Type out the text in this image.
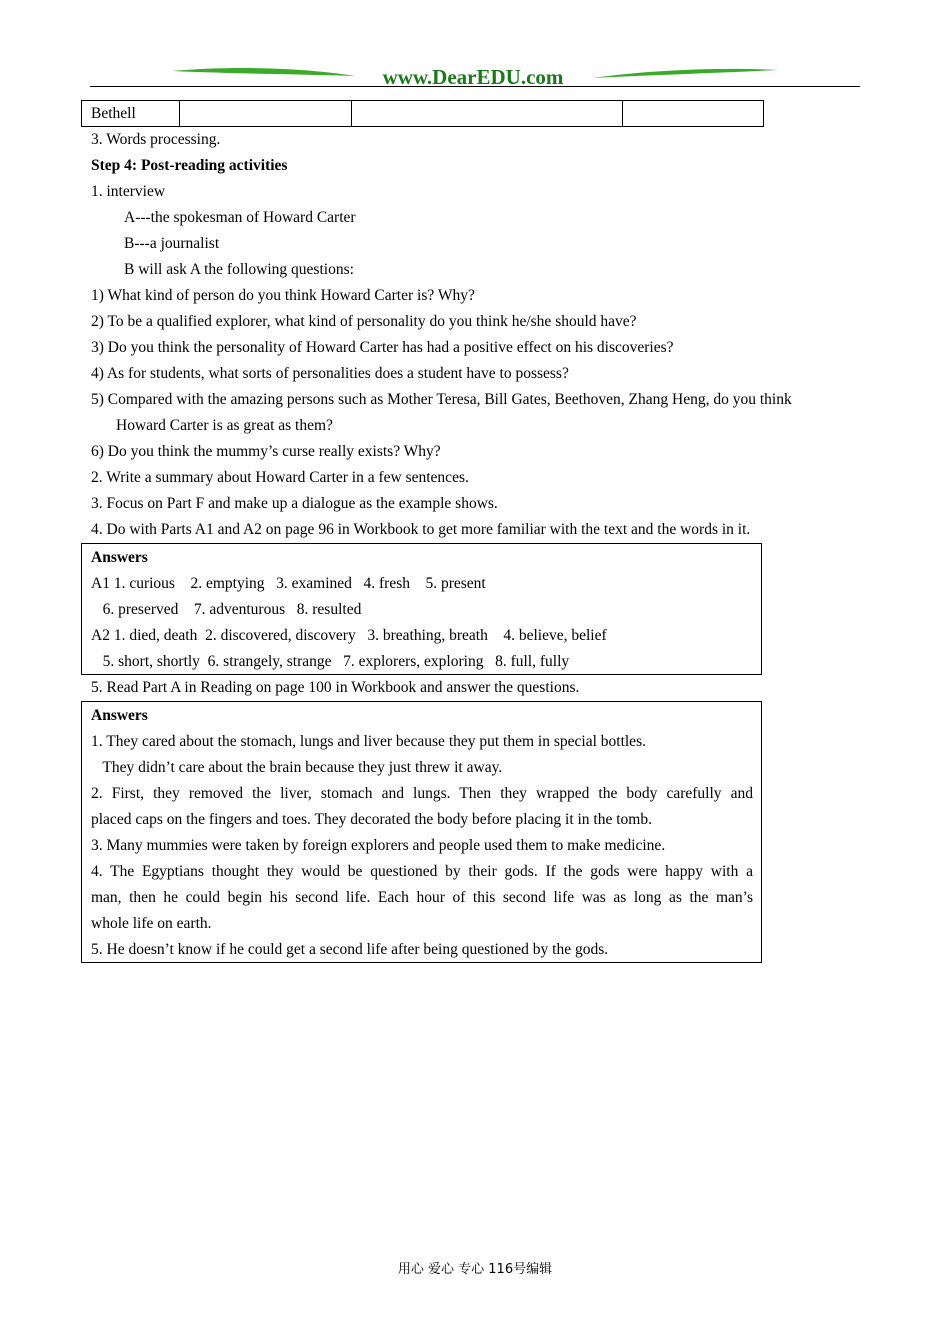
www.DearEDU.com
Bethell			
3. Words processing.
Step 4: Post-reading activities
1. interview
A---the spokesman of Howard Carter
B---a journalist
B will ask A the following questions:
1) What kind of person do you think Howard Carter is? Why?
2) To be a qualified explorer, what kind of personality do you think he/she should have?
3) Do you think the personality of Howard Carter has had a positive effect on his discoveries?
4) As for students, what sorts of personalities does a student have to possess?
5) Compared with the amazing persons such as Mother Teresa, Bill Gates, Beethoven, Zhang Heng, do you think
Howard Carter is as great as them?
6) Do you think the mummy’s curse really exists? Why?
2. Write a summary about Howard Carter in a few sentences.
3. Focus on Part F and make up a dialogue as the example shows.
4. Do with Parts A1 and A2 on page 96 in Workbook to get more familiar with the text and the words in it.
Answers
A1 1. curious    2. emptying   3. examined   4. fresh    5. present
6. preserved    7. adventurous   8. resulted
A2 1. died, death  2. discovered, discovery   3. breathing, breath    4. believe, belief
5. short, shortly  6. strangely, strange   7. explorers, exploring   8. full, fully
5. Read Part A in Reading on page 100 in Workbook and answer the questions.
Answers
1. They cared about the stomach, lungs and liver because they put them in special bottles.
They didn’t care about the brain because they just threw it away.
2. First, they removed the liver, stomach and lungs. Then they wrapped the body carefully and
placed caps on the fingers and toes. They decorated the body before placing it in the tomb.
3. Many mummies were taken by foreign explorers and people used them to make medicine.
4. The Egyptians thought they would be questioned by their gods. If the gods were happy with a
man, then he could begin his second life. Each hour of this second life was as long as the man’s
whole life on earth.
5. He doesn’t know if he could get a second life after being questioned by the gods.
用心 爱心 专心 116号编辑
